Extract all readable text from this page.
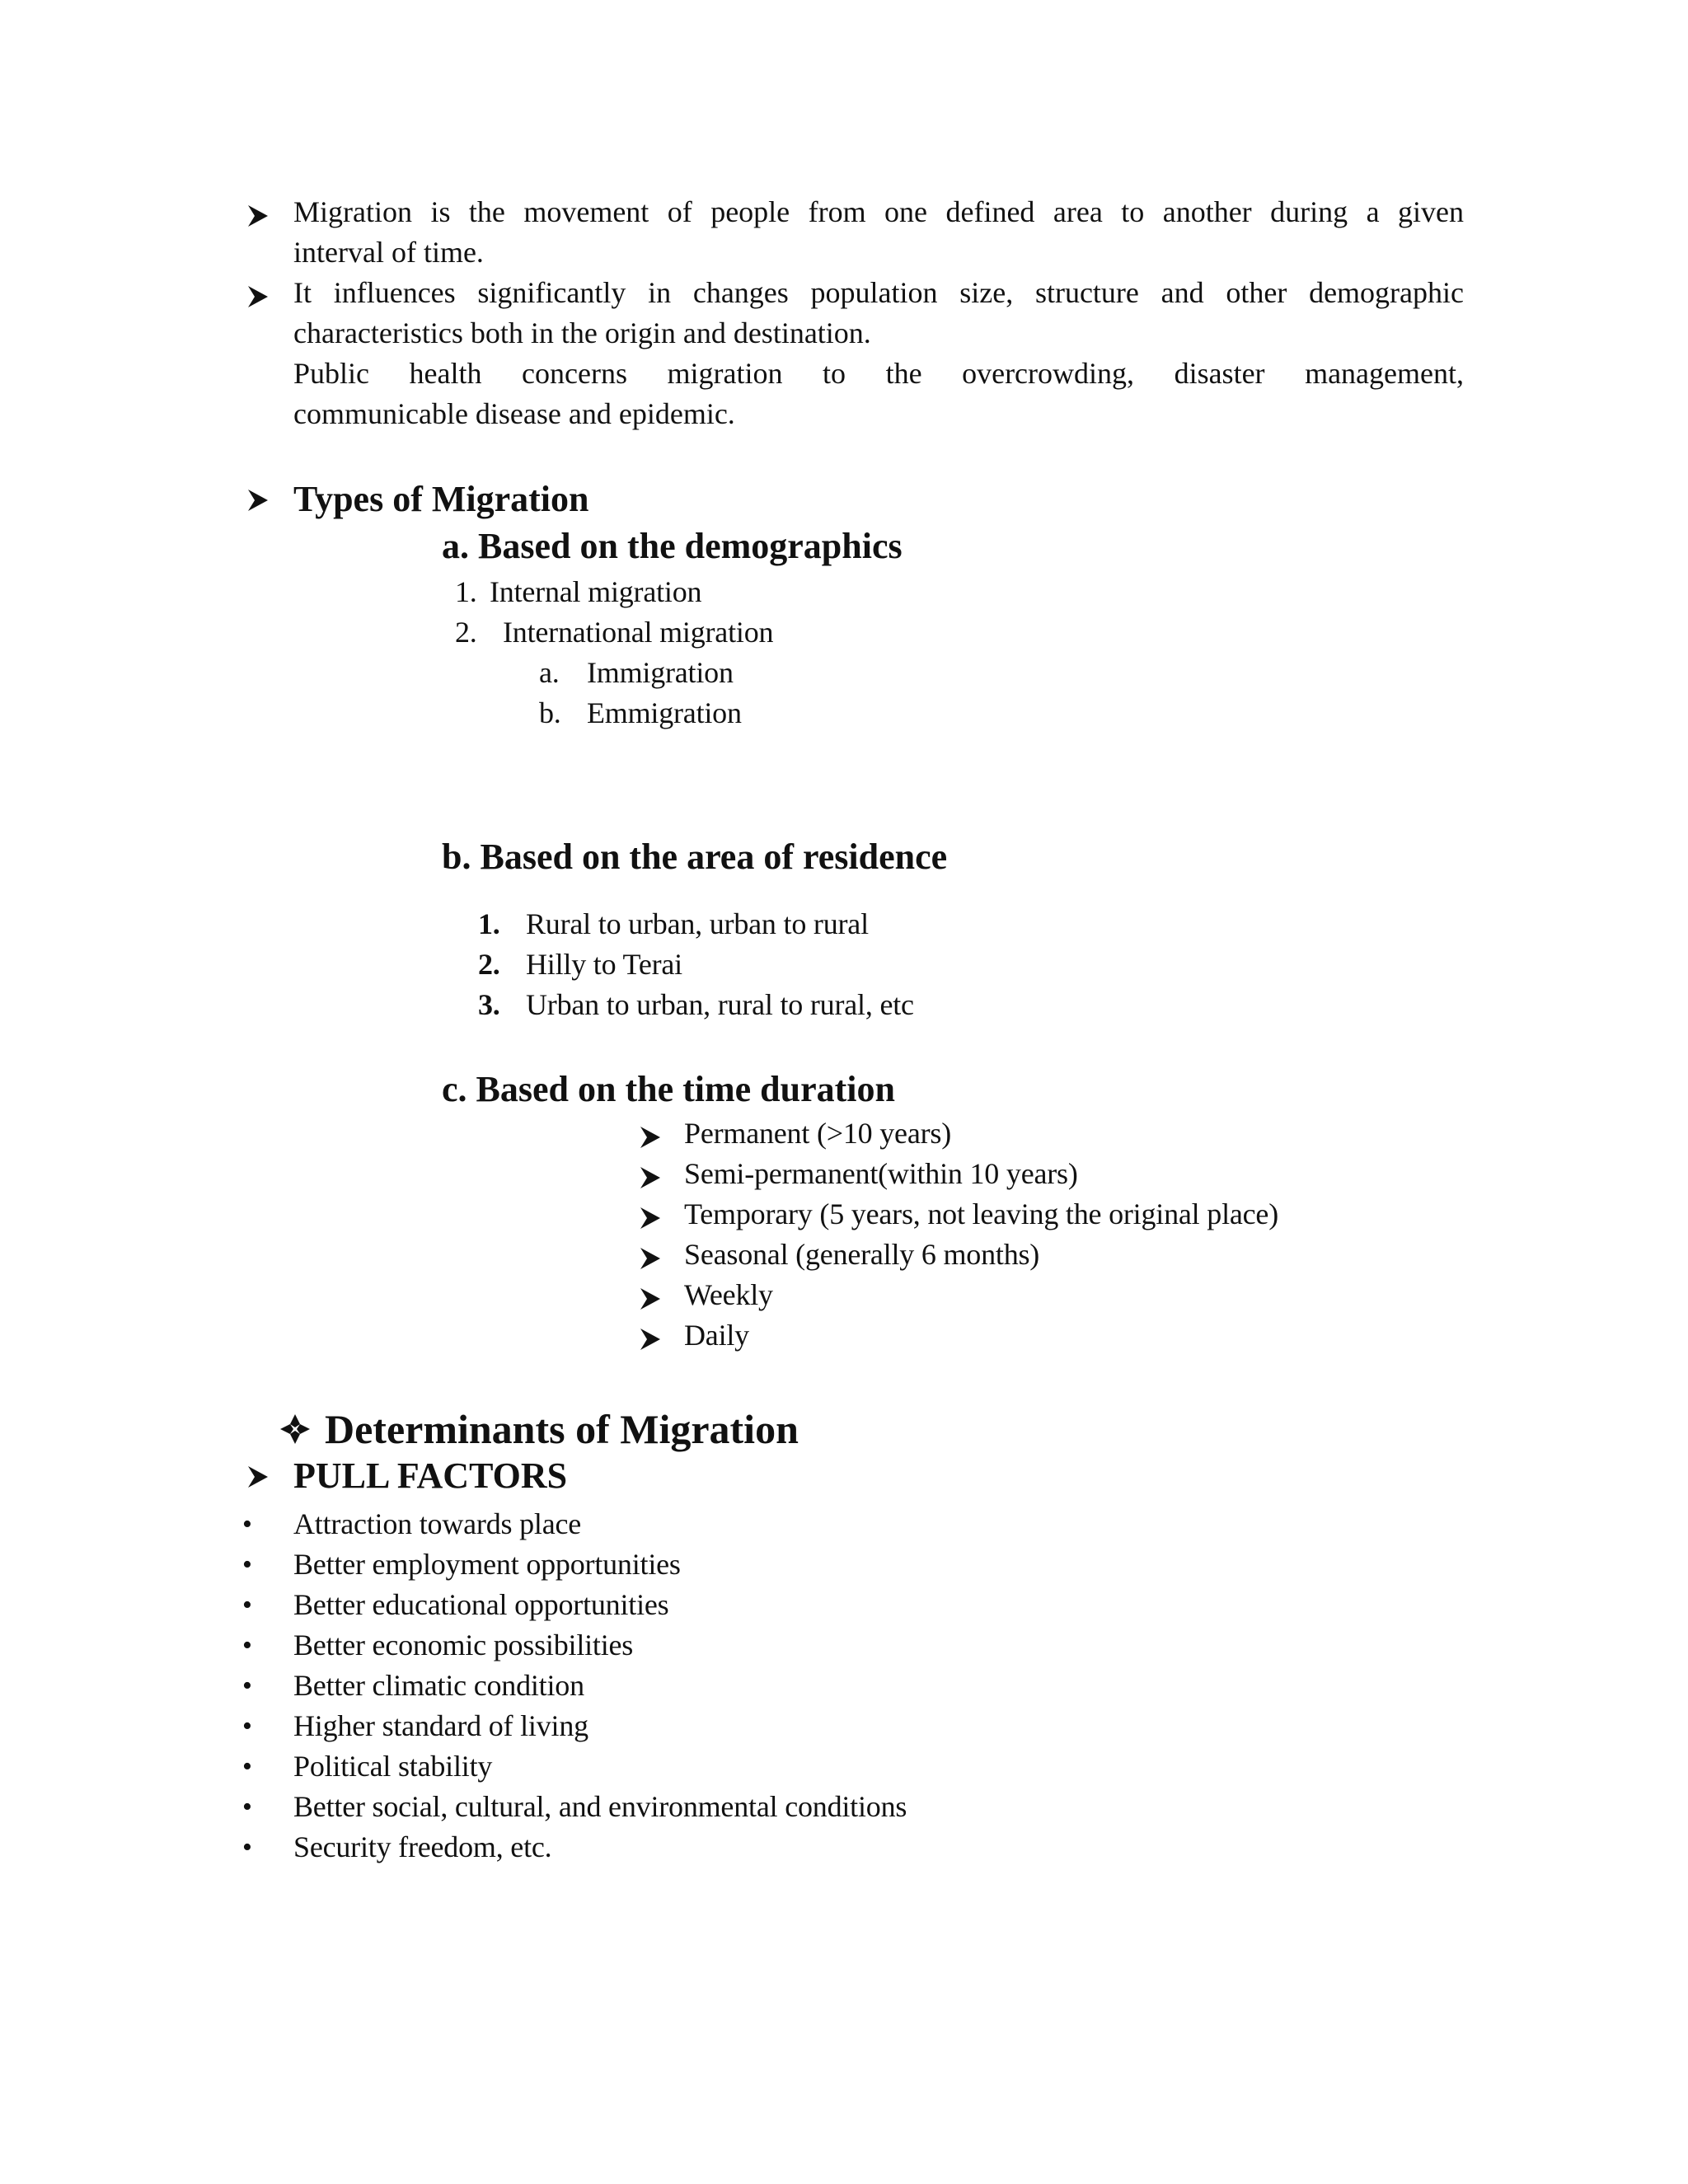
Migration is the movement of people from one defined area to another during a given
interval of time.
It influences significantly in changes population size, structure and other demographic
characteristics both in the origin and destination.
Public health concerns migration to the overcrowding, disaster management,
communicable disease and epidemic.
Types of Migration
a. Based on the demographics
1. Internal migration
2. International migration
a. Immigration
b. Emmigration
b. Based on the area of residence
1. Rural to urban, urban to rural
2. Hilly to Terai
3. Urban to urban, rural to rural, etc
c. Based on the time duration
Permanent (>10 years)
Semi-permanent(within 10 years)
Temporary (5 years, not leaving the original place)
Seasonal (generally 6 months)
Weekly
Daily
Determinants of Migration
PULL FACTORS
• Attraction towards place
• Better employment opportunities
• Better educational opportunities
• Better economic possibilities
• Better climatic condition
• Higher standard of living
• Political stability
• Better social, cultural, and environmental conditions
• Security freedom, etc.
